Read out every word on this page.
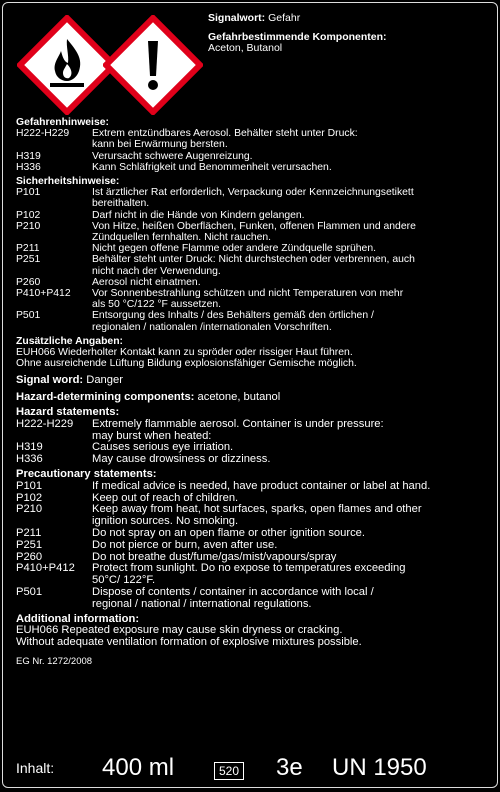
Signalwort: Gefahr
Gefahrbestimmende Komponenten:
Aceton, Butanol
Gefahrenhinweise:
H222-H229	Extrem entzündbares Aerosol. Behälter steht unter Druck:
kann bei Erwärmung bersten.
H319	Verursacht schwere Augenreizung.
H336	Kann Schläfrigkeit und Benommenheit verursachen.
Sicherheitshinweise:
P101	Ist ärztlicher Rat erforderlich, Verpackung oder Kennzeichnungsetikett
bereithalten.
P102	Darf nicht in die Hände von Kindern gelangen.
P210	Von Hitze, heißen Oberflächen, Funken, offenen Flammen und andere
Zündquellen fernhalten. Nicht rauchen.
P211	Nicht gegen offene Flamme oder andere Zündquelle sprühen.
P251	Behälter steht unter Druck: Nicht durchstechen oder verbrennen, auch
nicht nach der Verwendung.
P260	Aerosol nicht einatmen.
P410+P412	Vor Sonnenbestrahlung schützen und nicht Temperaturen von mehr
als 50 °C/122 °F aussetzen.
P501	Entsorgung des Inhalts / des Behälters gemäß den örtlichen /
regionalen / nationalen /internationalen Vorschriften.
Zusätzliche Angaben:
EUH066 Wiederholter Kontakt kann zu spröder oder rissiger Haut führen.
Ohne ausreichende Lüftung Bildung explosionsfähiger Gemische möglich.
Signal word: Danger
Hazard-determining components: acetone, butanol
Hazard statements:
H222-H229	Extremely flammable aerosol. Container is under pressure:
may burst when heated:
H319	Causes serious eye irriation.
H336	May cause drowsiness or dizziness.
Precautionary statements:
P101	If medical advice is needed, have product container or label at hand.
P102	Keep out of reach of children.
P210	Keep away from heat, hot surfaces, sparks, open flames and other
ignition sources. No smoking.
P211	Do not spray on an open flame or other ignition source.
P251	Do not pierce or burn, aven after use.
P260	Do not breathe dust/fume/gas/mist/vapours/spray
P410+P412	Protect from sunlight. Do no expose to temperatures exceeding
50°C/ 122°F.
P501	Dispose of contents / container in accordance with local /
regional / national / international regulations.
Additional information:
EUH066 Repeated exposure may cause skin dryness or cracking.
Without adequate ventilation formation of explosive mixtures possible.
EG Nr. 1272/2008
Inhalt:	400 ml	520	3e	UN 1950
